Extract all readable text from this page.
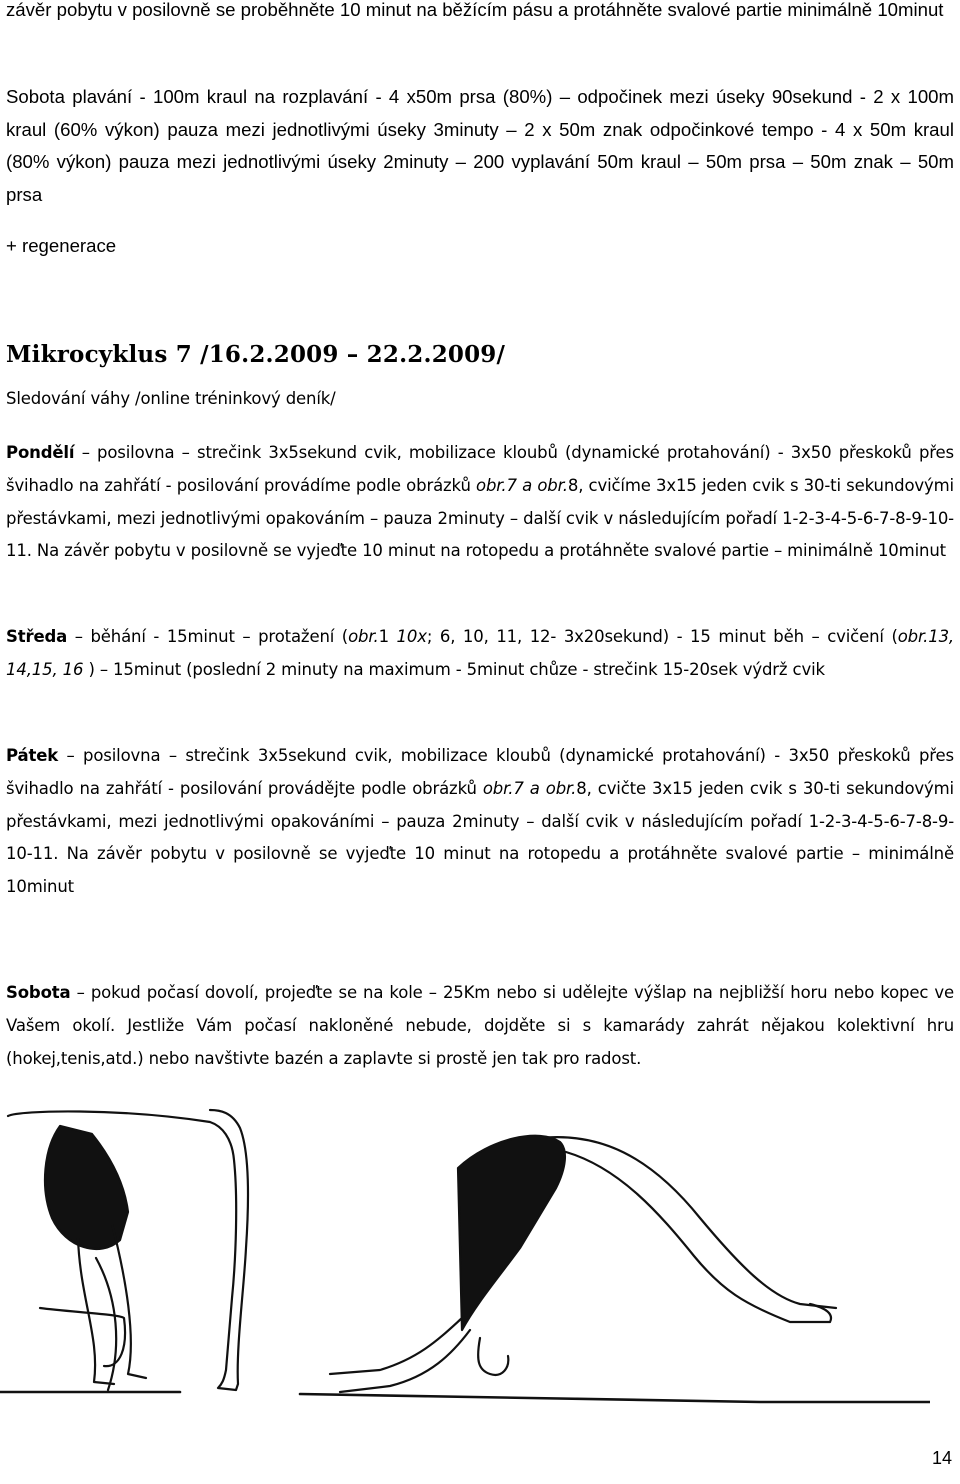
závěr pobytu v posilovně se proběhněte 10 minut na běžícím pásu a protáhněte svalové partie minimálně 10minut

Sobota plavání - 100m kraul na rozplavání - 4 x50m prsa (80%) – odpočinek mezi úseky 90sekund - 2 x 100m kraul (60% výkon) pauza mezi jednotlivými úseky 3minuty – 2 x 50m znak odpočinkové tempo - 4 x 50m kraul (80% výkon) pauza mezi jednotlivými úseky 2minuty – 200 vyplavání 50m kraul – 50m prsa – 50m znak – 50m prsa

+ regenerace

Mikrocyklus 7 /16.2.2009 – 22.2.2009/

Sledování váhy /online tréninkový deník/

Pondělí – posilovna – strečink 3x5sekund cvik, mobilizace kloubů (dynamické protahování) - 3x50 přeskoků přes švihadlo na zahřátí - posilování provádíme podle obrázků obr.7 a obr.8, cvičíme 3x15 jeden cvik s 30-ti sekundovými přestávkami, mezi jednotlivými opakováním – pauza 2minuty – další cvik v následujícím pořadí 1-2-3-4-5-6-7-8-9-10-11. Na závěr pobytu v posilovně se vyjeďte 10 minut na rotopedu a protáhněte svalové partie – minimálně 10minut

Středa – běhání - 15minut – protažení (obr.1 10x; 6, 10, 11, 12- 3x20sekund) - 15 minut běh – cvičení (obr.13, 14,15, 16 ) – 15minut (poslední 2 minuty na maximum - 5minut chůze - strečink 15-20sek výdrž cvik

Pátek – posilovna – strečink 3x5sekund cvik, mobilizace kloubů (dynamické protahování) - 3x50 přeskoků přes švihadlo na zahřátí - posilování provádějte podle obrázků obr.7 a obr.8, cvičte 3x15 jeden cvik s 30-ti sekundovými přestávkami, mezi jednotlivými opakováními – pauza 2minuty – další cvik v následujícím pořadí 1-2-3-4-5-6-7-8-9-10-11. Na závěr pobytu v posilovně se vyjeďte 10 minut na rotopedu a protáhněte svalové partie – minimálně 10minut

Sobota – pokud počasí dovolí, projeďte se na kole – 25Km nebo si udělejte výšlap na nejbližší horu nebo kopec ve Vašem okolí. Jestliže Vám počasí nakloněné nebude, dojděte si s kamarády zahrát nějakou kolektivní hru (hokej,tenis,atd.) nebo navštivte bazén a zaplavte si prostě jen tak pro radost.

14
